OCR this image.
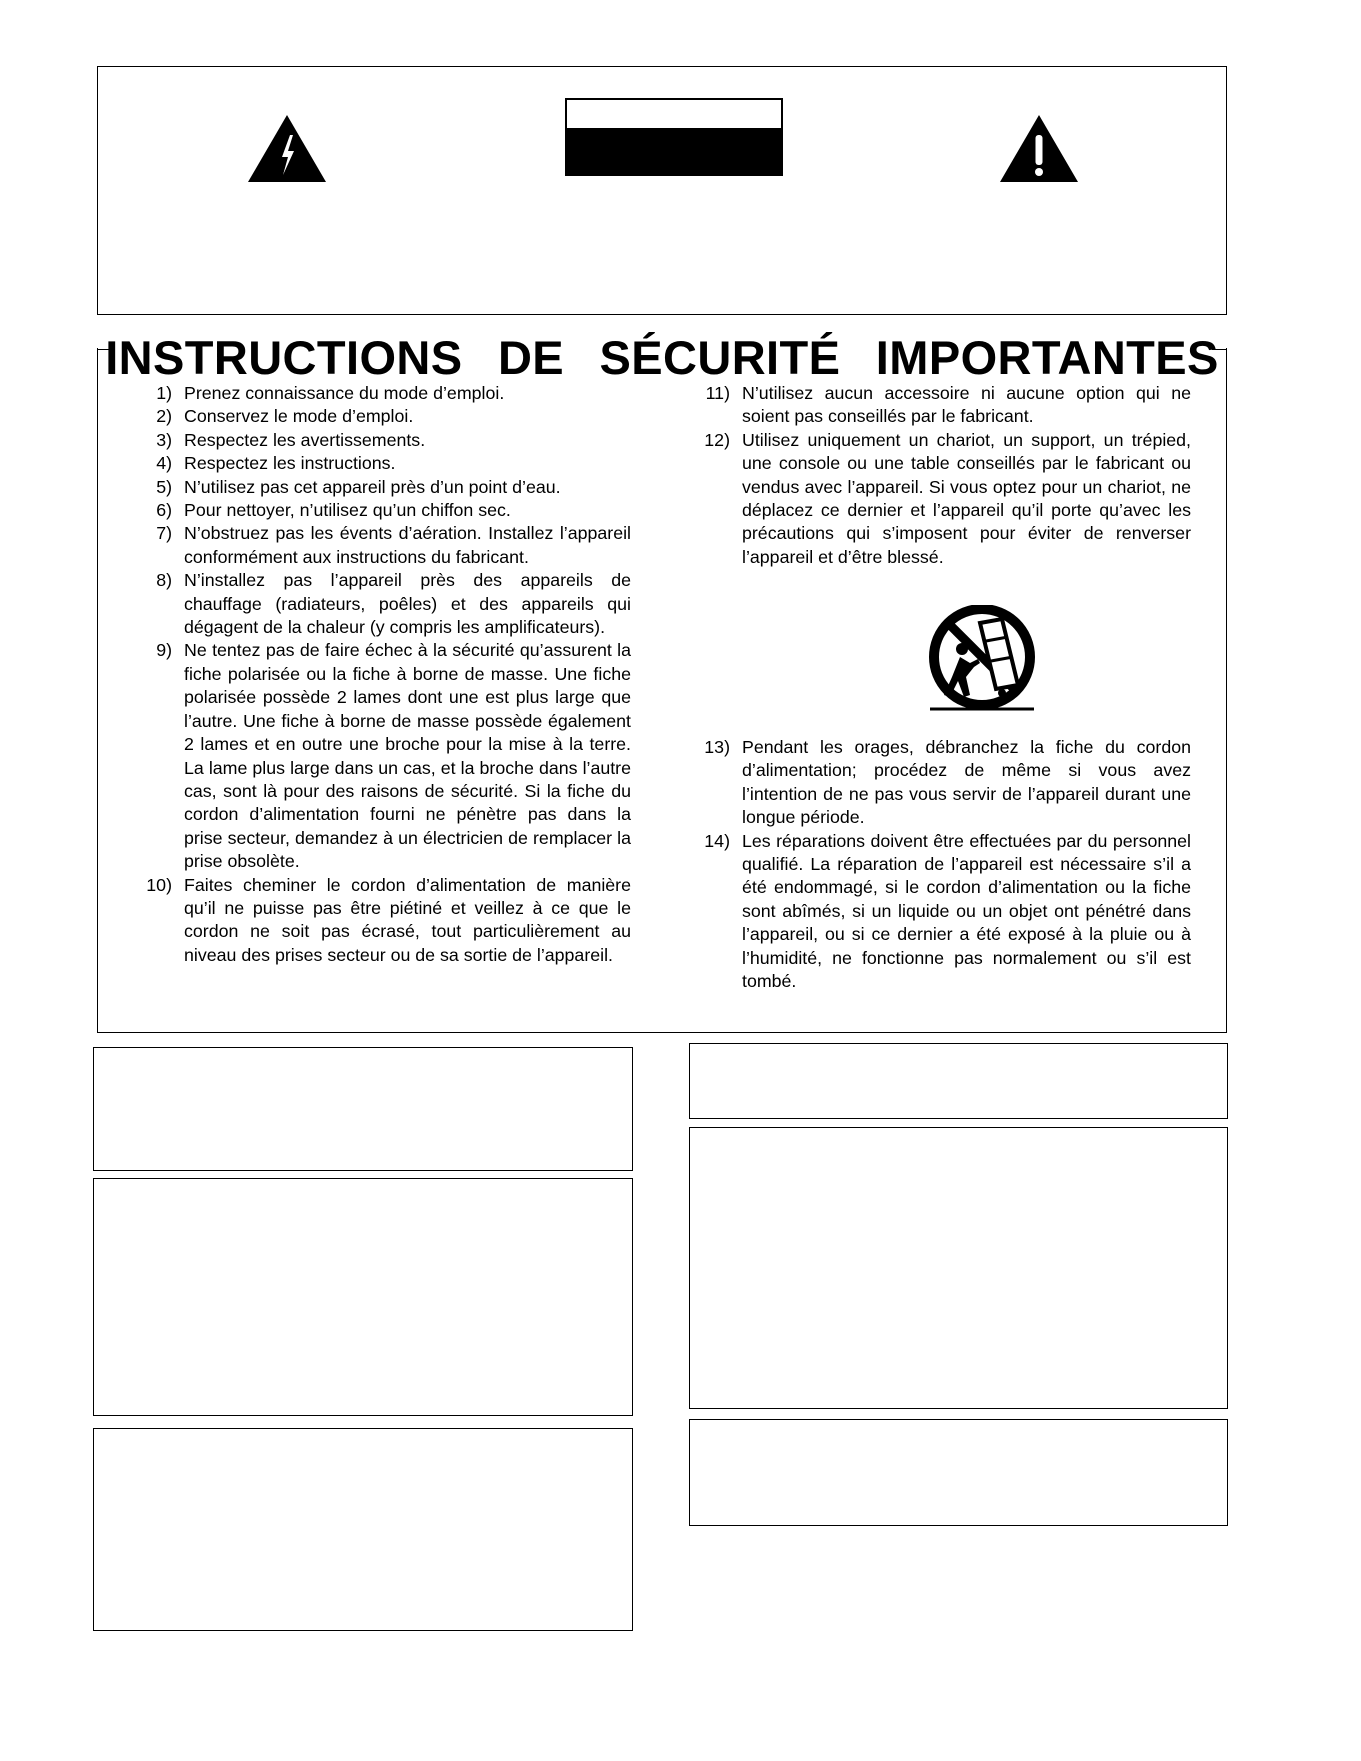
INSTRUCTIONS DE SÉCURITÉ IMPORTANTES
1) Prenez connaissance du mode d’emploi.
2) Conservez le mode d’emploi.
3) Respectez les avertissements.
4) Respectez les instructions.
5) N’utilisez pas cet appareil près d’un point d’eau.
6) Pour nettoyer, n’utilisez qu’un chiffon sec.
7) N’obstruez pas les évents d’aération. Installez l’appareil conformément aux instructions du fabricant.
8) N’installez pas l’appareil près des appareils de chauffage (radiateurs, poêles) et des appareils qui dégagent de la chaleur (y compris les amplificateurs).
9) Ne tentez pas de faire échec à la sécurité qu’assurent la fiche polarisée ou la fiche à borne de masse. Une fiche polarisée possède 2 lames dont une est plus large que l’autre. Une fiche à borne de masse possède également 2 lames et en outre une broche pour la mise à la terre. La lame plus large dans un cas, et la broche dans l’autre cas, sont là pour des raisons de sécurité. Si la fiche du cordon d’alimentation fourni ne pénètre pas dans la prise secteur, demandez à un électricien de remplacer la prise obsolète.
10) Faites cheminer le cordon d’alimentation de manière qu’il ne puisse pas être piétiné et veillez à ce que le cordon ne soit pas écrasé, tout particulièrement au niveau des prises secteur ou de sa sortie de l’appareil.
11) N’utilisez aucun accessoire ni aucune option qui ne soient pas conseillés par le fabricant.
12) Utilisez uniquement un chariot, un support, un trépied, une console ou une table conseillés par le fabricant ou vendus avec l’appareil. Si vous optez pour un chariot, ne déplacez ce dernier et l’appareil qu’il porte qu’avec les précautions qui s’imposent pour éviter de renverser l’appareil et d’être blessé.
13) Pendant les orages, débranchez la fiche du cordon d’alimentation; procédez de même si vous avez l’intention de ne pas vous servir de l’appareil durant une longue période.
14) Les réparations doivent être effectuées par du personnel qualifié. La réparation de l’appareil est nécessaire s’il a été endommagé, si le cordon d’alimentation ou la fiche sont abîmés, si un liquide ou un objet ont pénétré dans l’appareil, ou si ce dernier a été exposé à la pluie ou à l’humidité, ne fonctionne pas normalement ou s’il est tombé.
